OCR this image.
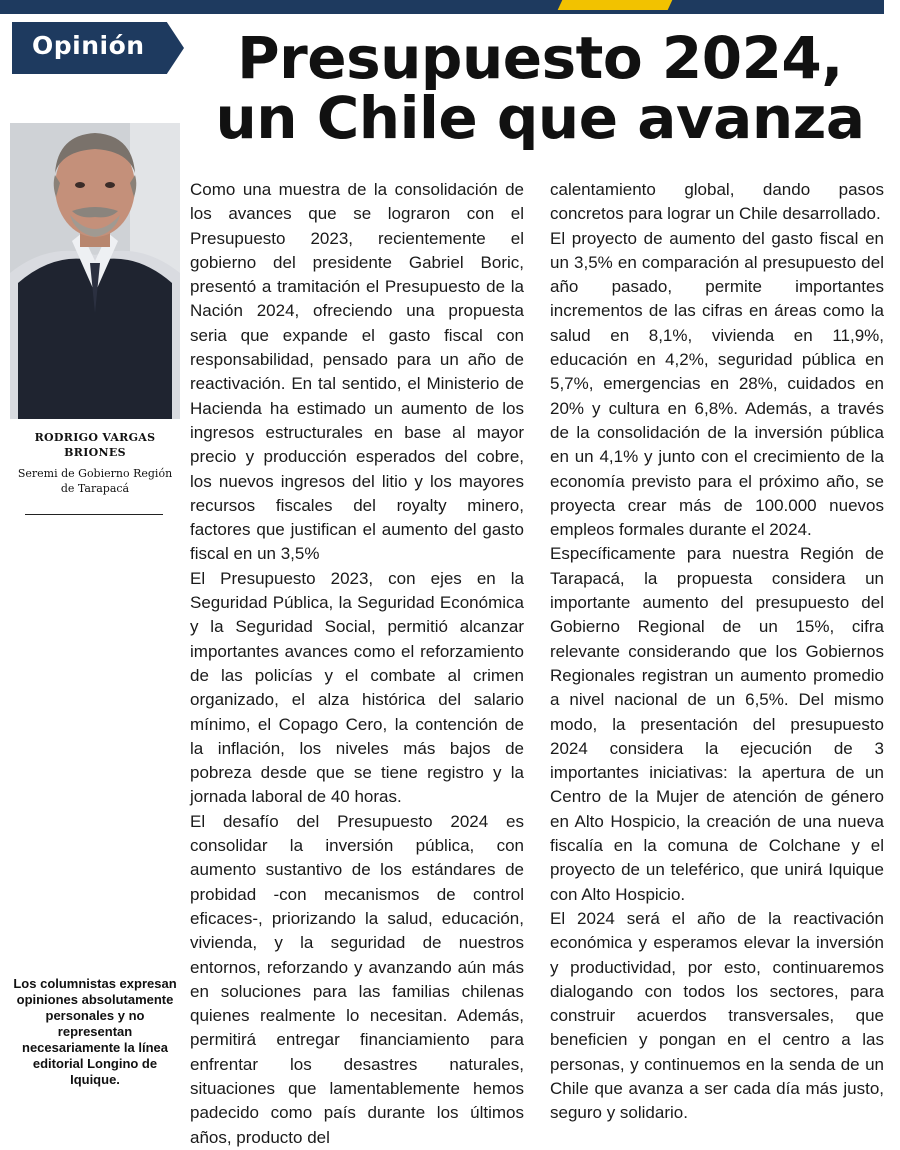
Opinión	Presupuesto 2024, un Chile que avanza
RODRIGO VARGAS BRIONES
Seremi de Gobierno Región de Tarapacá
Los columnistas expresan opiniones absolutamente personales y no representan necesariamente la línea editorial Longino de Iquique.

Como una muestra de la consolidación de los avances que se lograron con el Presupuesto 2023, recientemente el gobierno del presidente Gabriel Boric, presentó a tramitación el Presupuesto de la Nación 2024, ofreciendo una propuesta seria que expande el gasto fiscal con responsabilidad, pensado para un año de reactivación. En tal sentido, el Ministerio de Hacienda ha estimado un aumento de los ingresos estructurales en base al mayor precio y producción esperados del cobre, los nuevos ingresos del litio y los mayores recursos fiscales del royalty minero, factores que justifican el aumento del gasto fiscal en un 3,5%

El Presupuesto 2023, con ejes en la Seguridad Pública, la Seguridad Económica y la Seguridad Social, permitió alcanzar importantes avances como el reforzamiento de las policías y el combate al crimen organizado, el alza histórica del salario mínimo, el Copago Cero, la contención de la inflación, los niveles más bajos de pobreza desde que se tiene registro y la jornada laboral de 40 horas.

El desafío del Presupuesto 2024 es consolidar la inversión pública, con aumento sustantivo de los estándares de probidad -con mecanismos de control eficaces-, priorizando la salud, educación, vivienda, y la seguridad de nuestros entornos, reforzando y avanzando aún más en soluciones para las familias chilenas quienes realmente lo necesitan. Además, permitirá entregar financiamiento para enfrentar los desastres naturales, situaciones que lamentablemente hemos padecido como país durante los últimos años, producto del

calentamiento global, dando pasos concretos para lograr un Chile desarrollado.

El proyecto de aumento del gasto fiscal en un 3,5% en comparación al presupuesto del año pasado, permite importantes incrementos de las cifras en áreas como la salud en 8,1%, vivienda en 11,9%, educación en 4,2%, seguridad pública en 5,7%, emergencias en 28%, cuidados en 20% y cultura en 6,8%. Además, a través de la consolidación de la inversión pública en un 4,1% y junto con el crecimiento de la economía previsto para el próximo año, se proyecta crear más de 100.000 nuevos empleos formales durante el 2024.

Específicamente para nuestra Región de Tarapacá, la propuesta considera un importante aumento del presupuesto del Gobierno Regional de un 15%, cifra relevante considerando que los Gobiernos Regionales registran un aumento promedio a nivel nacional de un 6,5%. Del mismo modo, la presentación del presupuesto 2024 considera la ejecución de 3 importantes iniciativas: la apertura de un Centro de la Mujer de atención de género en Alto Hospicio, la creación de una nueva fiscalía en la comuna de Colchane y el proyecto de un teleférico, que unirá Iquique con Alto Hospicio.

El 2024 será el año de la reactivación económica y esperamos elevar la inversión y productividad, por esto, continuaremos dialogando con todos los sectores, para construir acuerdos transversales, que beneficien y pongan en el centro a las personas, y continuemos en la senda de un Chile que avanza a ser cada día más justo, seguro y solidario.
